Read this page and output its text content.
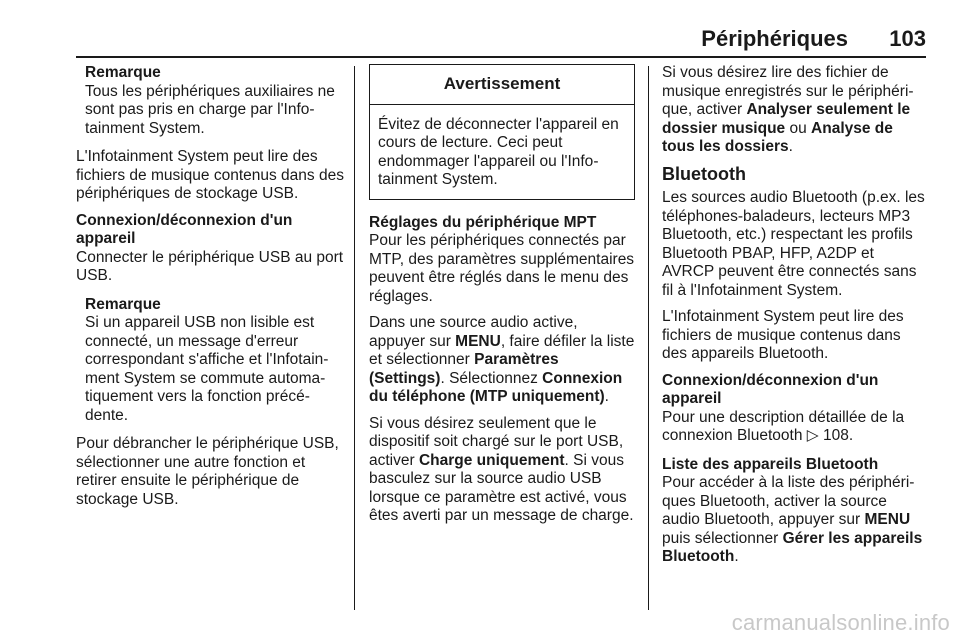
Périphériques 103
Remarque
Tous les périphériques auxiliaires ne sont pas pris en charge par l'Infotainment System.

L'Infotainment System peut lire des fichiers de musique contenus dans des périphériques de stockage USB.

Connexion/déconnexion d'un
appareil
Connecter le périphérique USB au port USB.
Remarque
Si un appareil USB non lisible est connecté, un message d'erreur correspondant s'affiche et l'Infotainment System se commute automatiquement vers la fonction précédente.

Pour débrancher le périphérique USB, sélectionner une autre fonction et retirer ensuite le périphérique de stockage USB.

Avertissement
Évitez de déconnecter l'appareil en cours de lecture. Ceci peut endommager l'appareil ou l'Infotainment System.
Réglages du périphérique MPT
Pour les périphériques connectés par MTP, des paramètres supplémentaires peuvent être réglés dans le menu des réglages.

Dans une source audio active, appuyer sur MENU, faire défiler la liste et sélectionner Paramètres (Settings). Sélectionnez Connexion du téléphone (MTP uniquement).

Si vous désirez seulement que le dispositif soit chargé sur le port USB, activer Charge uniquement. Si vous basculez sur la source audio USB lorsque ce paramètre est activé, vous êtes averti par un message de charge.

Si vous désirez lire des fichier de musique enregistrés sur le périphérique, activer Analyser seulement le dossier musique ou Analyse de tous les dossiers.

Bluetooth

Les sources audio Bluetooth (p.ex. les téléphones-baladeurs, lecteurs MP3 Bluetooth, etc.) respectant les profils Bluetooth PBAP, HFP, A2DP et AVRCP peuvent être connectés sans fil à l'Infotainment System.

L'Infotainment System peut lire des fichiers de musique contenus dans des appareils Bluetooth.

Connexion/déconnexion d'un
appareil
Pour une description détaillée de la connexion Bluetooth ▷ 108.
Liste des appareils Bluetooth
Pour accéder à la liste des périphériques Bluetooth, activer la source audio Bluetooth, appuyer sur MENU puis sélectionner Gérer les appareils Bluetooth.
carmanualsonline.info
